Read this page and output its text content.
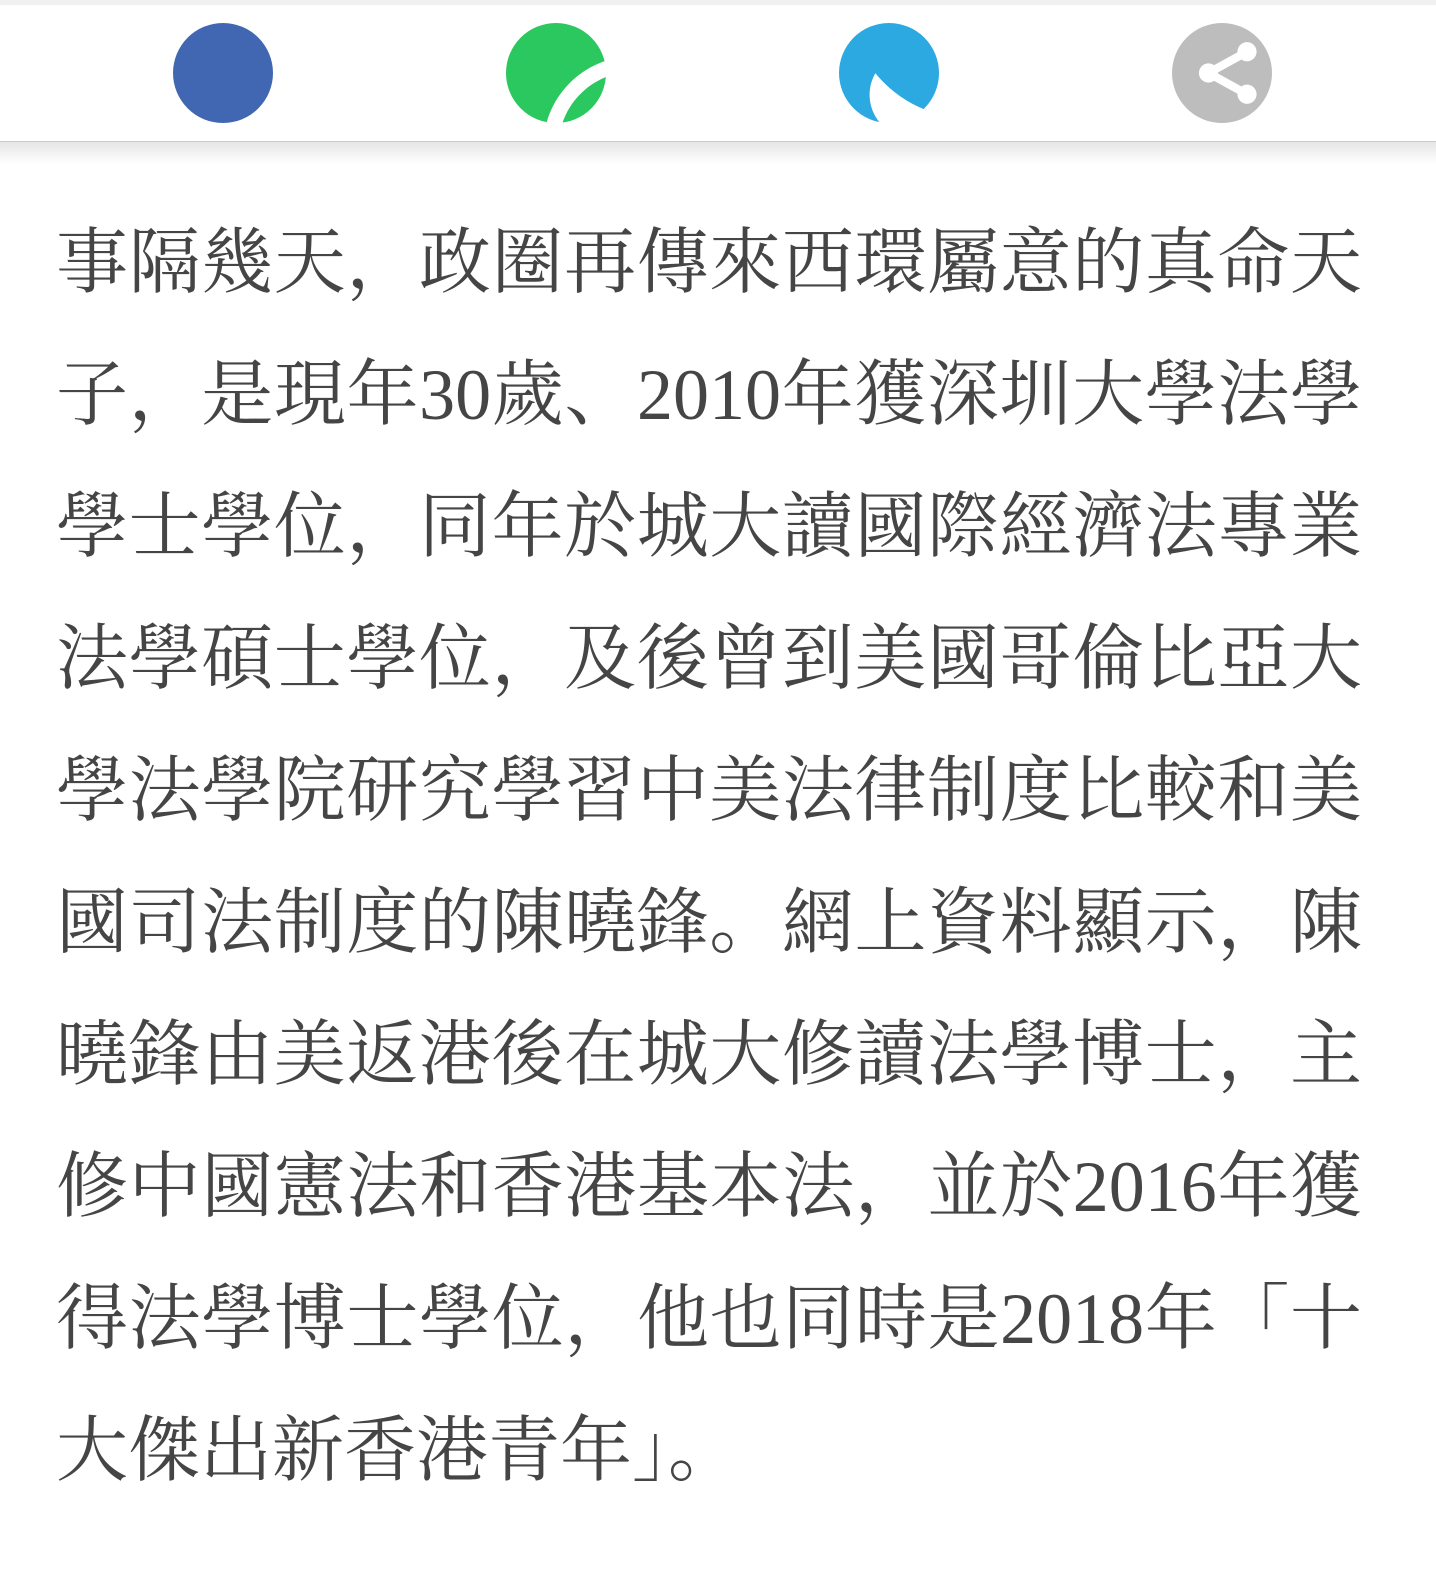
事隔幾天，政圈再傳來西環屬意的真命天
子，是現年30歲、2010年獲深圳大學法學
學士學位，同年於城大讀國際經濟法專業
法學碩士學位，及後曾到美國哥倫比亞大
學法學院研究學習中美法律制度比較和美
國司法制度的陳曉鋒。網上資料顯示，陳
曉鋒由美返港後在城大修讀法學博士，主
修中國憲法和香港基本法，並於2016年獲
得法學博士學位，他也同時是2018年「十
大傑出新香港青年」。
